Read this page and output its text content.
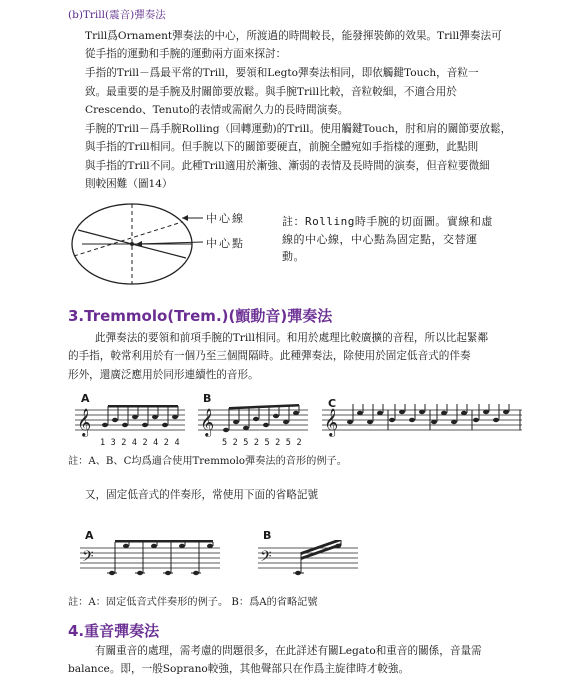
(b)Trill(震音)彈奏法
Trill爲Ornament彈奏法的中心，所渡過的時間較長，能發揮裝飾的效果。Trill彈奏法可
從手指的運動和手腕的運動兩方面來探討：
手指的Trill－爲最平常的Trill，要領和Legto彈奏法相同，即依觸鍵Touch，音粒一
致。最重要的是手腕及肘關節要放鬆。與手腕Trill比較，音粒較細，不適合用於
Crescendo、Tenuto的表情或需耐久力的長時間演奏。
手腕的Trill－爲手腕Rolling（回轉運動)的Trill。使用觸鍵Touch，肘和肩的關節要放鬆，
與手指的Trill相同。但手腕以下的關節要硬直，前腕全體宛如手指樣的運動，此點則
與手指的Trill不同。此種Trill適用於漸強、漸弱的表情及長時間的演奏，但音粒要微細
則較困難（圖14）
中心線
中心點
註：Rolling時手腕的切面圖。實線和虛
線的中心線，中心點為固定點，交替運
動。
3.Tremmolo(Trem.)(顫動音)彈奏法
此彈奏法的要領和前項手腕的Trill相同。和用於處理比較廣擴的音程，所以比起緊鄰
的手指，較常利用於有一個乃至三個間隔時。此種彈奏法，除使用於固定低音式的伴奏
形外，還廣泛應用於同形連續性的音形。
A
𝄞
1 3 2 4 2 4 2 4
B
𝄞
5 2 5 2 5 2 5 2
C
𝄞
註：A、B、C均爲適合使用Tremmolo彈奏法的音形的例子。
又，固定低音式的伴奏形，常使用下面的省略記號
A
𝄢
B
𝄢
註：A：固定低音式伴奏形的例子。 B：爲A的省略記號
4.重音彈奏法
有關重音的處理，需考慮的問題很多，在此詳述有關Legato和重音的關係，音量需
balance。即，一般Soprano較強，其他聲部只在作爲主旋律時才較強。
